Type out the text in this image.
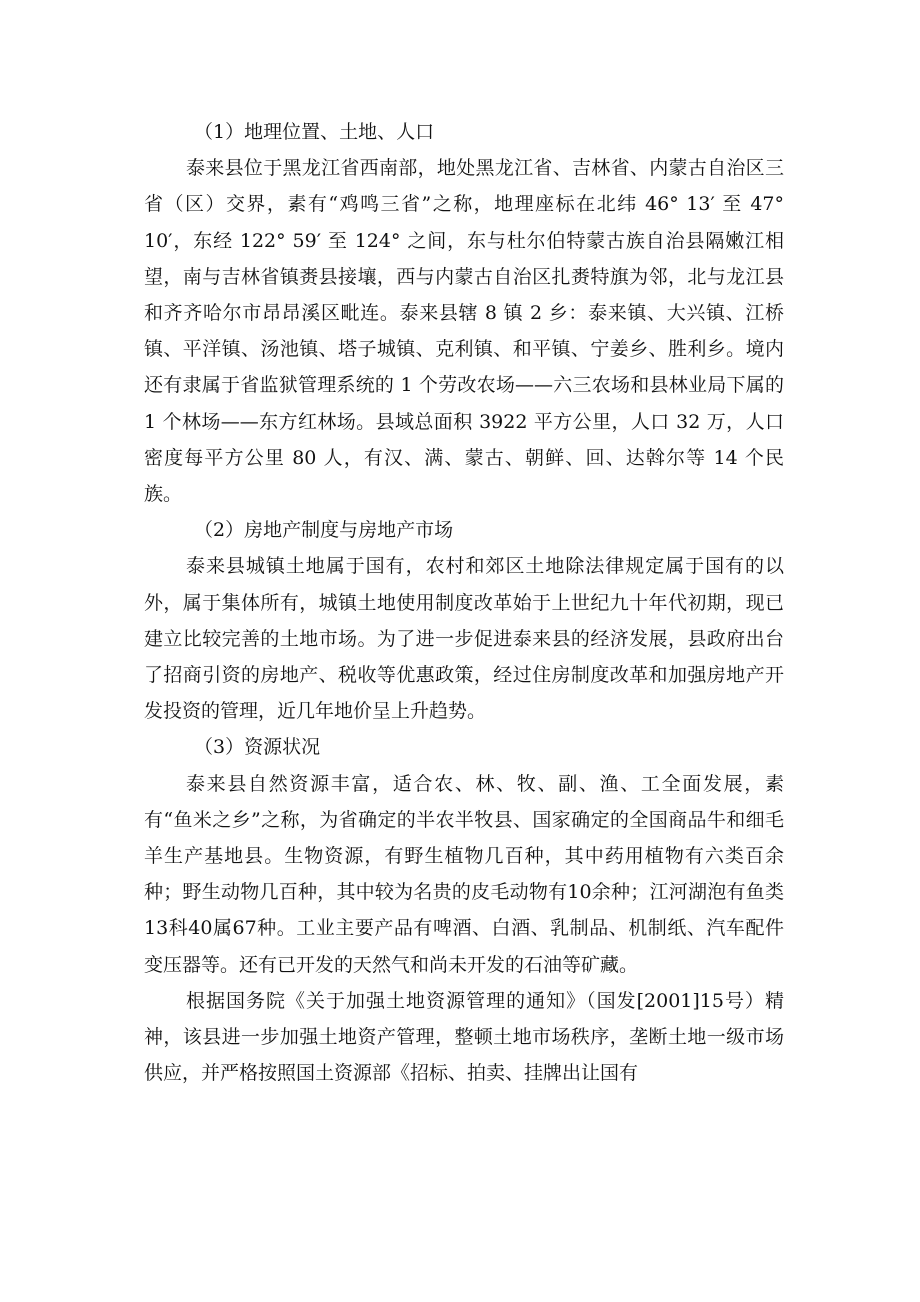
（1）地理位置、土地、人口

泰来县位于黑龙江省西南部，地处黑龙江省、吉林省、内蒙古自治区三省（区）交界，素有“鸡鸣三省”之称，地理座标在北纬 46° 13′ 至 47° 10′，东经 122° 59′ 至 124° 之间，东与杜尔伯特蒙古族自治县隔嫩江相望，南与吉林省镇赉县接壤，西与内蒙古自治区扎赉特旗为邻，北与龙江县和齐齐哈尔市昂昂溪区毗连。泰来县辖 8 镇 2 乡：泰来镇、大兴镇、江桥镇、平洋镇、汤池镇、塔子城镇、克利镇、和平镇、宁姜乡、胜利乡。境内还有隶属于省监狱管理系统的 1 个劳改农场——六三农场和县林业局下属的 1 个林场——东方红林场。县域总面积 3922 平方公里，人口 32 万，人口密度每平方公里 80 人，有汉、满、蒙古、朝鲜、回、达斡尔等 14 个民族。

（2）房地产制度与房地产市场

泰来县城镇土地属于国有，农村和郊区土地除法律规定属于国有的以外，属于集体所有，城镇土地使用制度改革始于上世纪九十年代初期，现已建立比较完善的土地市场。为了进一步促进泰来县的经济发展，县政府出台了招商引资的房地产、税收等优惠政策，经过住房制度改革和加强房地产开发投资的管理，近几年地价呈上升趋势。

（3）资源状况

泰来县自然资源丰富，适合农、林、牧、副、渔、工全面发展，素有“鱼米之乡”之称，为省确定的半农半牧县、国家确定的全国商品牛和细毛羊生产基地县。生物资源，有野生植物几百种，其中药用植物有六类百余种；野生动物几百种，其中较为名贵的皮毛动物有10余种；江河湖泡有鱼类13科40属67种。工业主要产品有啤酒、白酒、乳制品、机制纸、汽车配件变压器等。还有已开发的天然气和尚未开发的石油等矿藏。

根据国务院《关于加强土地资源管理的通知》（国发[2001]15号）精神，该县进一步加强土地资产管理，整顿土地市场秩序，垄断土地一级市场供应，并严格按照国土资源部《招标、拍卖、挂牌出让国有
